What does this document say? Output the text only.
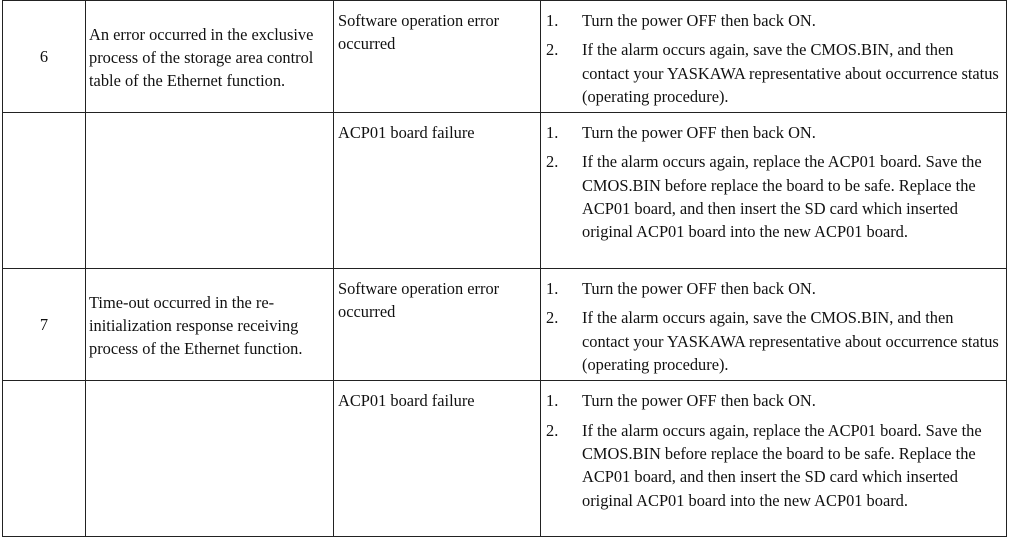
6	An error occurred in the exclusive process of the storage area control table of the Ethernet function.	Software operation error occurred	1. Turn the power OFF then back ON.
2. If the alarm occurs again, save the CMOS.BIN, and then contact your YASKAWA representative about occurrence status (operating procedure).

		ACP01 board failure	1. Turn the power OFF then back ON.
2. If the alarm occurs again, replace the ACP01 board. Save the CMOS.BIN before replace the board to be safe. Replace the ACP01 board, and then insert the SD card which inserted original ACP01 board into the new ACP01 board.

7	Time-out occurred in the re-initialization response receiving process of the Ethernet function.	Software operation error occurred	1. Turn the power OFF then back ON.
2. If the alarm occurs again, save the CMOS.BIN, and then contact your YASKAWA representative about occurrence status (operating procedure).

		ACP01 board failure	1. Turn the power OFF then back ON.
2. If the alarm occurs again, replace the ACP01 board. Save the CMOS.BIN before replace the board to be safe. Replace the ACP01 board, and then insert the SD card which inserted original ACP01 board into the new ACP01 board.
